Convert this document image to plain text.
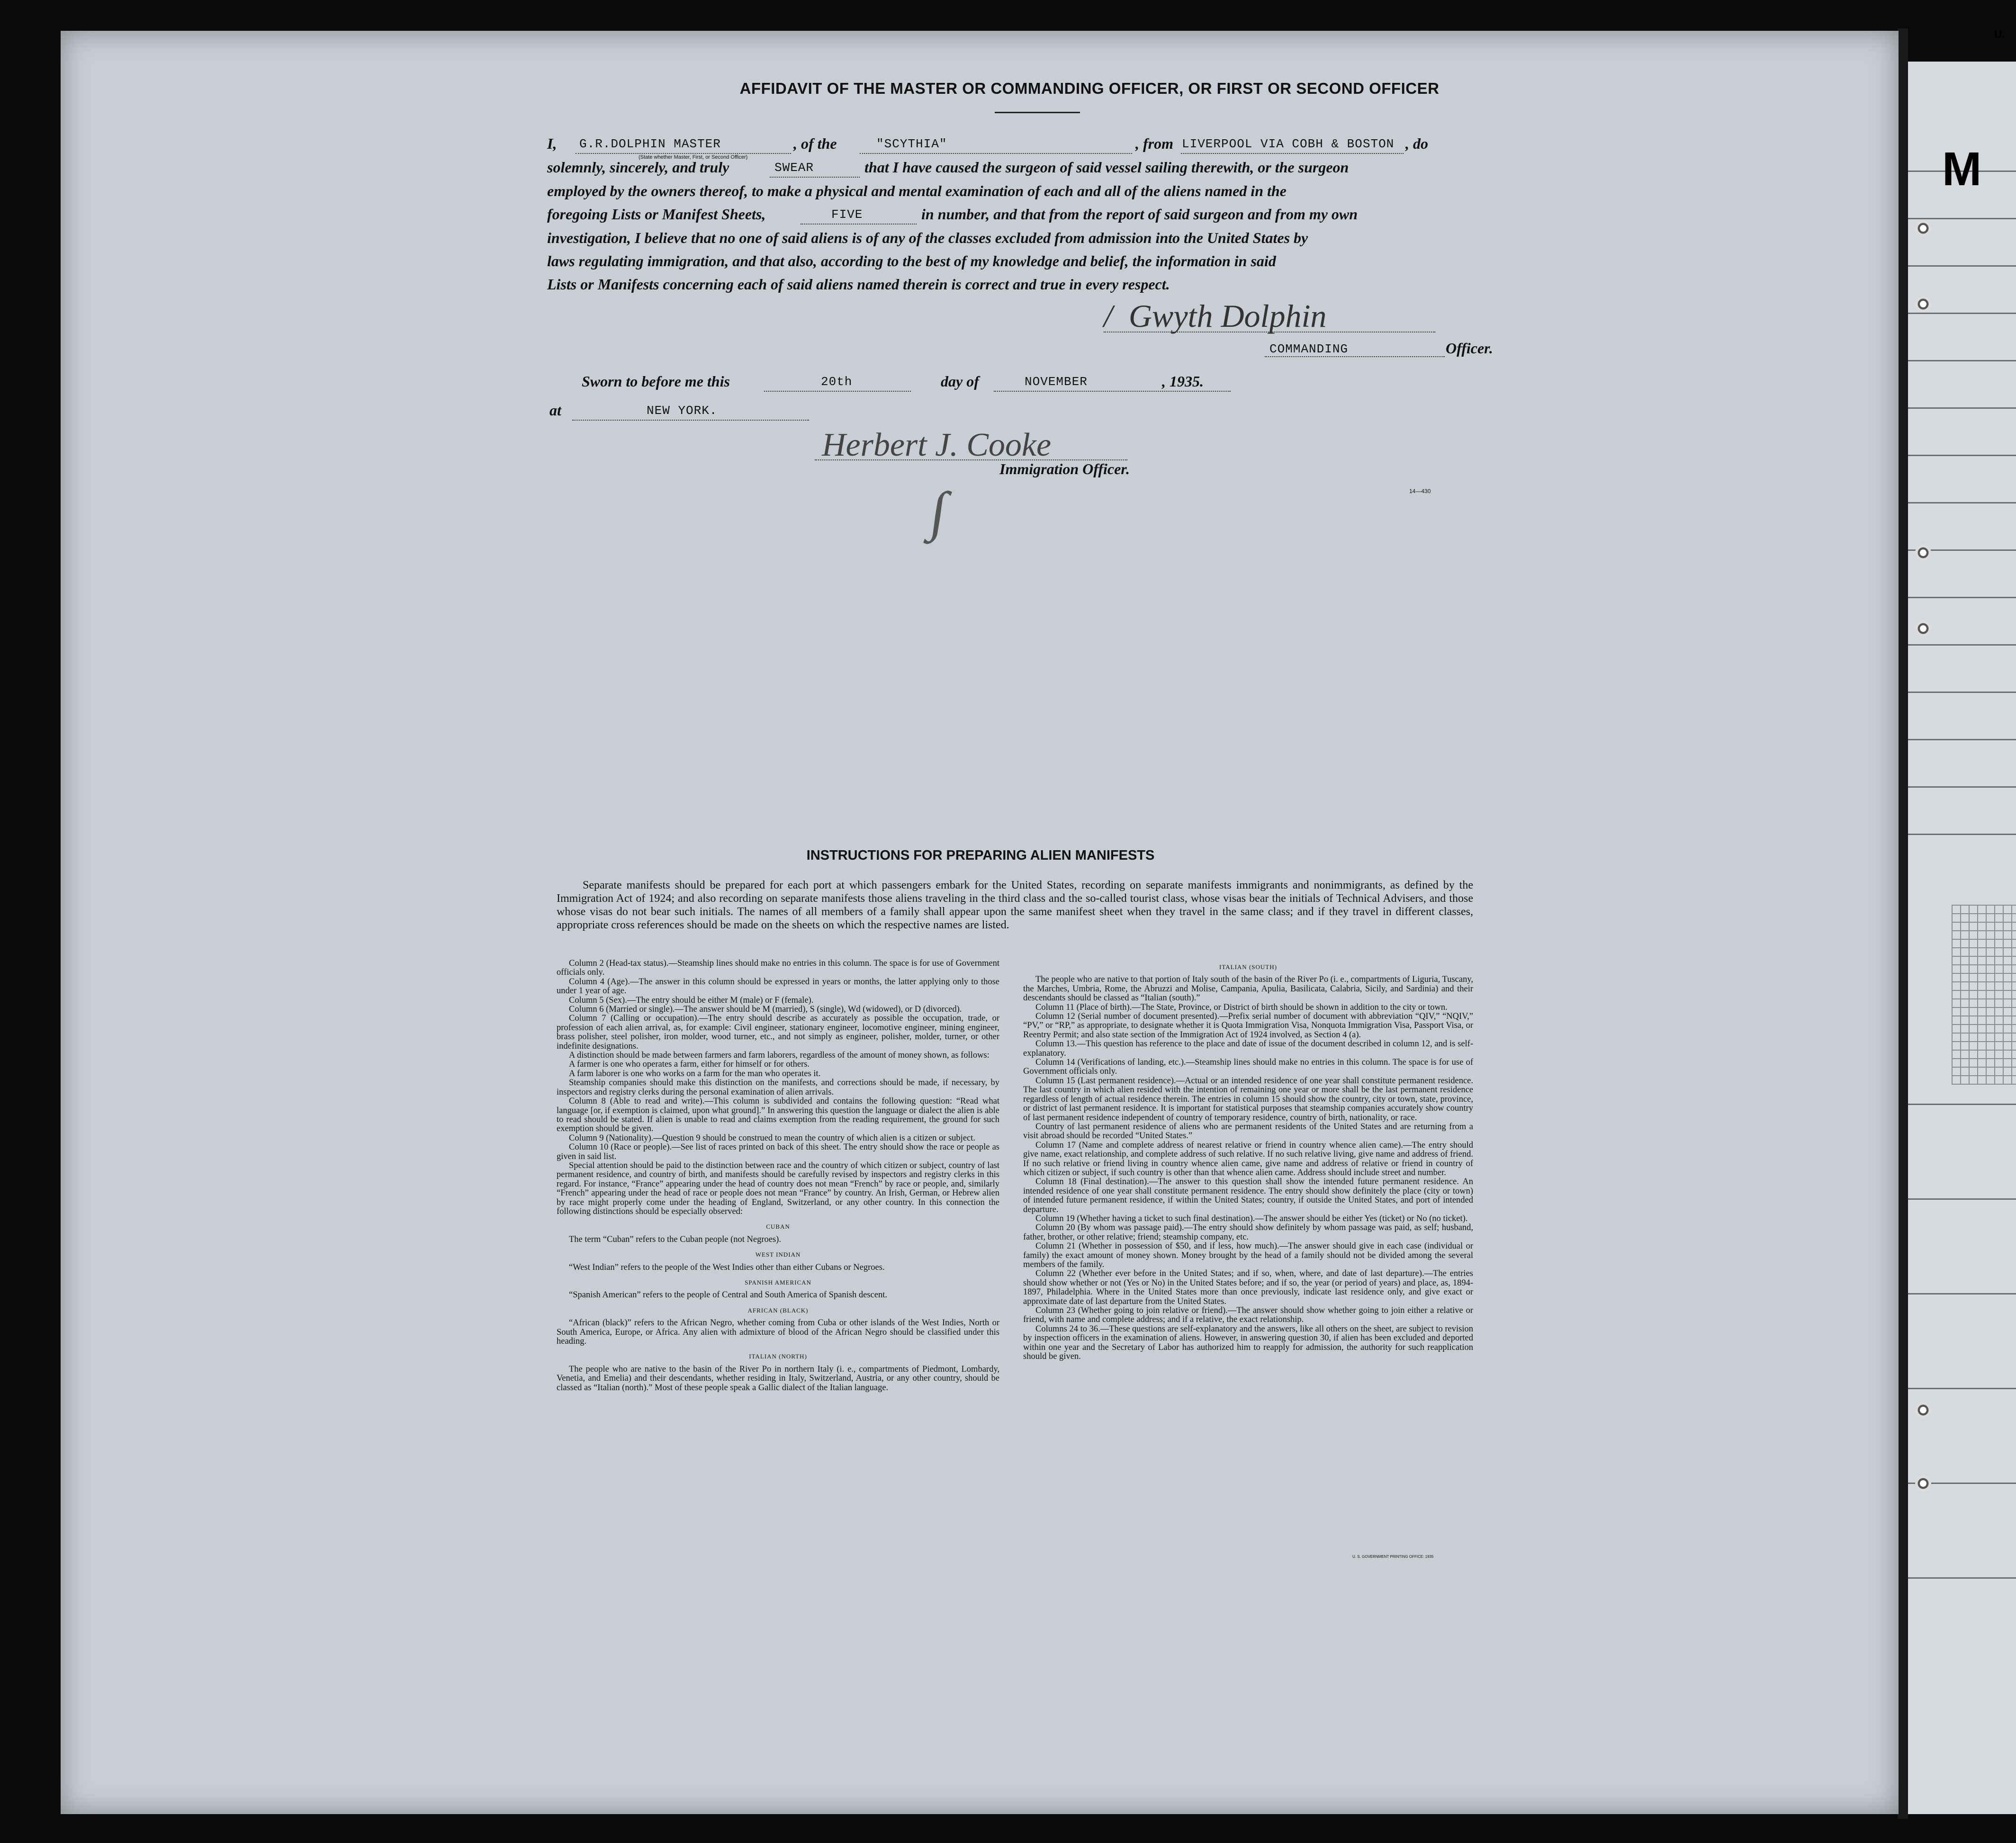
M
U.
AFFIDAVIT OF THE MASTER OR COMMANDING OFFICER, OR FIRST OR SECOND OFFICER
I, G.R.DOLPHIN MASTER	, of the	"SCYTHIA"	, from LIVERPOOL VIA COBH & BOSTON , do
(State whether Master, First, or Second Officer)
solemnly, sincerely, and truly	SWEAR	that I have caused the surgeon of said vessel sailing therewith, or the surgeon
employed by the owners thereof, to make a physical and mental examination of each and all of the aliens named in the
foregoing Lists or Manifest Sheets,	FIVE	in number, and that from the report of said surgeon and from my own
investigation, I believe that no one of said aliens is of any of the classes excluded from admission into the United States by
laws regulating immigration, and that also, according to the best of my knowledge and belief, the information in said
Lists or Manifests concerning each of said aliens named therein is correct and true in every respect.
/  Gwyth Dolphin
COMMANDING	Officer.
Sworn to before me this	20th	day of	NOVEMBER	, 1935.
at	NEW YORK.
Herbert J. Cooke
∫
Immigration Officer.
14—430
INSTRUCTIONS FOR PREPARING ALIEN MANIFESTS
Separate manifests should be prepared for each port at which passengers embark for the United States, recording on separate manifests immigrants and nonimmigrants, as defined by the Immigration Act of 1924; and also recording on separate manifests those aliens traveling in the third class and the so-called tourist class, whose visas bear the initials of Technical Advisers, and those whose visas do not bear such initials. The names of all members of a family shall appear upon the same manifest sheet when they travel in the same class; and if they travel in different classes, appropriate cross references should be made on the sheets on which the respective names are listed.

Column 2 (Head-tax status).—Steamship lines should make no entries in this column. The space is for use of Government officials only.

Column 4 (Age).—The answer in this column should be expressed in years or months, the latter applying only to those under 1 year of age.

Column 5 (Sex).—The entry should be either M (male) or F (female).

Column 6 (Married or single).—The answer should be M (married), S (single), Wd (widowed), or D (divorced).

Column 7 (Calling or occupation).—The entry should describe as accurately as possible the occupation, trade, or profession of each alien arrival, as, for example: Civil engineer, stationary engineer, locomotive engineer, mining engineer, brass polisher, steel polisher, iron molder, wood turner, etc., and not simply as engineer, polisher, molder, turner, or other indefinite designations.

A distinction should be made between farmers and farm laborers, regardless of the amount of money shown, as follows:

A farmer is one who operates a farm, either for himself or for others.

A farm laborer is one who works on a farm for the man who operates it.

Steamship companies should make this distinction on the manifests, and corrections should be made, if necessary, by inspectors and registry clerks during the personal examination of alien arrivals.

Column 8 (Able to read and write).—This column is subdivided and contains the following question: “Read what language [or, if exemption is claimed, upon what ground].” In answering this question the language or dialect the alien is able to read should be stated. If alien is unable to read and claims exemption from the reading requirement, the ground for such exemption should be given.

Column 9 (Nationality).—Question 9 should be construed to mean the country of which alien is a citizen or subject.

Column 10 (Race or people).—See list of races printed on back of this sheet. The entry should show the race or people as given in said list.

Special attention should be paid to the distinction between race and the country of which citizen or subject, country of last permanent residence, and country of birth, and manifests should be carefully revised by inspectors and registry clerks in this regard. For instance, “France” appearing under the head of country does not mean “French” by race or people, and, similarly “French” appearing under the head of race or people does not mean “France” by country. An Irish, German, or Hebrew alien by race might properly come under the heading of England, Switzerland, or any other country. In this connection the following distinctions should be especially observed:

CUBAN

The term “Cuban” refers to the Cuban people (not Negroes).

WEST INDIAN

“West Indian” refers to the people of the West Indies other than either Cubans or Negroes.

SPANISH AMERICAN

“Spanish American” refers to the people of Central and South America of Spanish descent.

AFRICAN (BLACK)

“African (black)” refers to the African Negro, whether coming from Cuba or other islands of the West Indies, North or South America, Europe, or Africa. Any alien with admixture of blood of the African Negro should be classified under this heading.

ITALIAN (NORTH)

The people who are native to the basin of the River Po in northern Italy (i. e., compartments of Piedmont, Lombardy, Venetia, and Emelia) and their descendants, whether residing in Italy, Switzerland, Austria, or any other country, should be classed as “Italian (north).” Most of these people speak a Gallic dialect of the Italian language.

ITALIAN (SOUTH)

The people who are native to that portion of Italy south of the basin of the River Po (i. e., compartments of Liguria, Tuscany, the Marches, Umbria, Rome, the Abruzzi and Molise, Campania, Apulia, Basilicata, Calabria, Sicily, and Sardinia) and their descendants should be classed as “Italian (south).”

Column 11 (Place of birth).—The State, Province, or District of birth should be shown in addition to the city or town.

Column 12 (Serial number of document presented).—Prefix serial number of document with abbreviation “QIV,” “NQIV,” “PV,” or “RP,” as appropriate, to designate whether it is Quota Immigration Visa, Nonquota Immigration Visa, Passport Visa, or Reentry Permit; and also state section of the Immigration Act of 1924 involved, as Section 4 (a).

Column 13.—This question has reference to the place and date of issue of the document described in column 12, and is self-explanatory.

Column 14 (Verifications of landing, etc.).—Steamship lines should make no entries in this column. The space is for use of Government officials only.

Column 15 (Last permanent residence).—Actual or an intended residence of one year shall constitute permanent residence. The last country in which alien resided with the intention of remaining one year or more shall be the last permanent residence regardless of length of actual residence therein. The entries in column 15 should show the country, city or town, state, province, or district of last permanent residence. It is important for statistical purposes that steamship companies accurately show country of last permanent residence independent of country of temporary residence, country of birth, nationality, or race.

Country of last permanent residence of aliens who are permanent residents of the United States and are returning from a visit abroad should be recorded “United States.”

Column 17 (Name and complete address of nearest relative or friend in country whence alien came).—The entry should give name, exact relationship, and complete address of such relative. If no such relative living, give name and address of friend. If no such relative or friend living in country whence alien came, give name and address of relative or friend in country of which citizen or subject, if such country is other than that whence alien came. Address should include street and number.

Column 18 (Final destination).—The answer to this question shall show the intended future permanent residence. An intended residence of one year shall constitute permanent residence. The entry should show definitely the place (city or town) of intended future permanent residence, if within the United States; country, if outside the United States, and port of intended departure.

Column 19 (Whether having a ticket to such final destination).—The answer should be either Yes (ticket) or No (no ticket).

Column 20 (By whom was passage paid).—The entry should show definitely by whom passage was paid, as self; husband, father, brother, or other relative; friend; steamship company, etc.

Column 21 (Whether in possession of $50, and if less, how much).—The answer should give in each case (individual or family) the exact amount of money shown. Money brought by the head of a family should not be divided among the several members of the family.

Column 22 (Whether ever before in the United States; and if so, when, where, and date of last departure).—The entries should show whether or not (Yes or No) in the United States before; and if so, the year (or period of years) and place, as, 1894-1897, Philadelphia. Where in the United States more than once previously, indicate last residence only, and give exact or approximate date of last departure from the United States.

Column 23 (Whether going to join relative or friend).—The answer should show whether going to join either a relative or friend, with name and complete address; and if a relative, the exact relationship.

Columns 24 to 36.—These questions are self-explanatory and the answers, like all others on the sheet, are subject to revision by inspection officers in the examination of aliens. However, in answering question 30, if alien has been excluded and deported within one year and the Secretary of Labor has authorized him to reapply for admission, the authority for such reapplication should be given.

U. S. GOVERNMENT PRINTING OFFICE: 1935
